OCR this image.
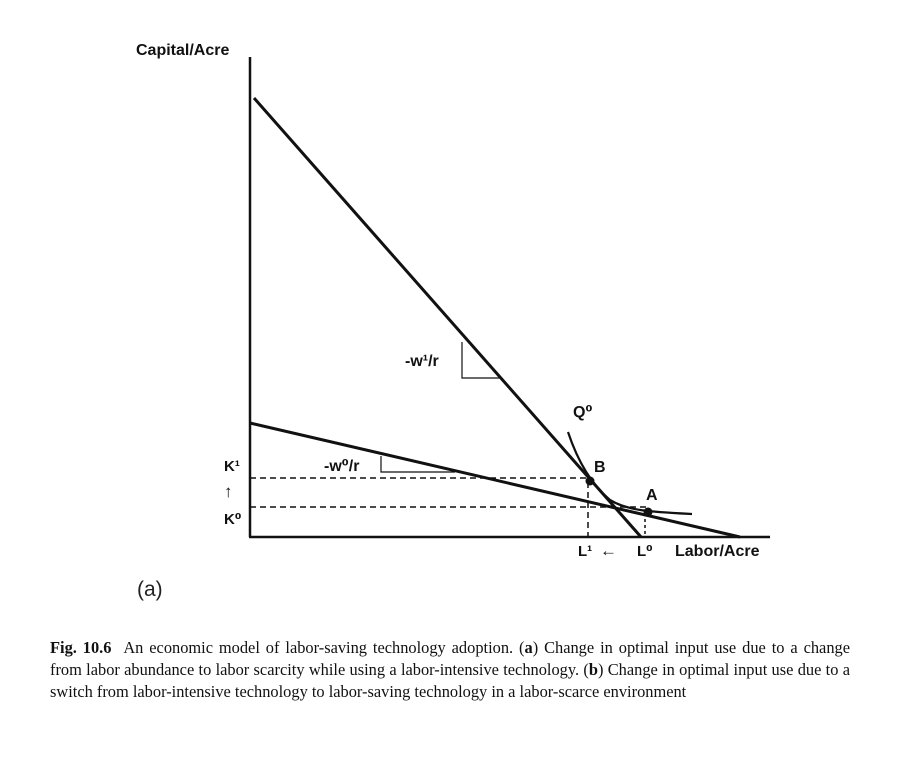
Capital/Acre
Labor/Acre
-w¹/r
-w⁰/r
Q⁰
B
A
K¹
↑
K⁰
L¹ ← L⁰
(a)
Fig. 10.6 An economic model of labor-saving technology adoption. (a) Change in optimal input use due to a change from labor abundance to labor scarcity while using a labor-intensive technology. (b) Change in optimal input use due to a switch from labor-intensive technology to labor-saving technology in a labor-scarce environment
